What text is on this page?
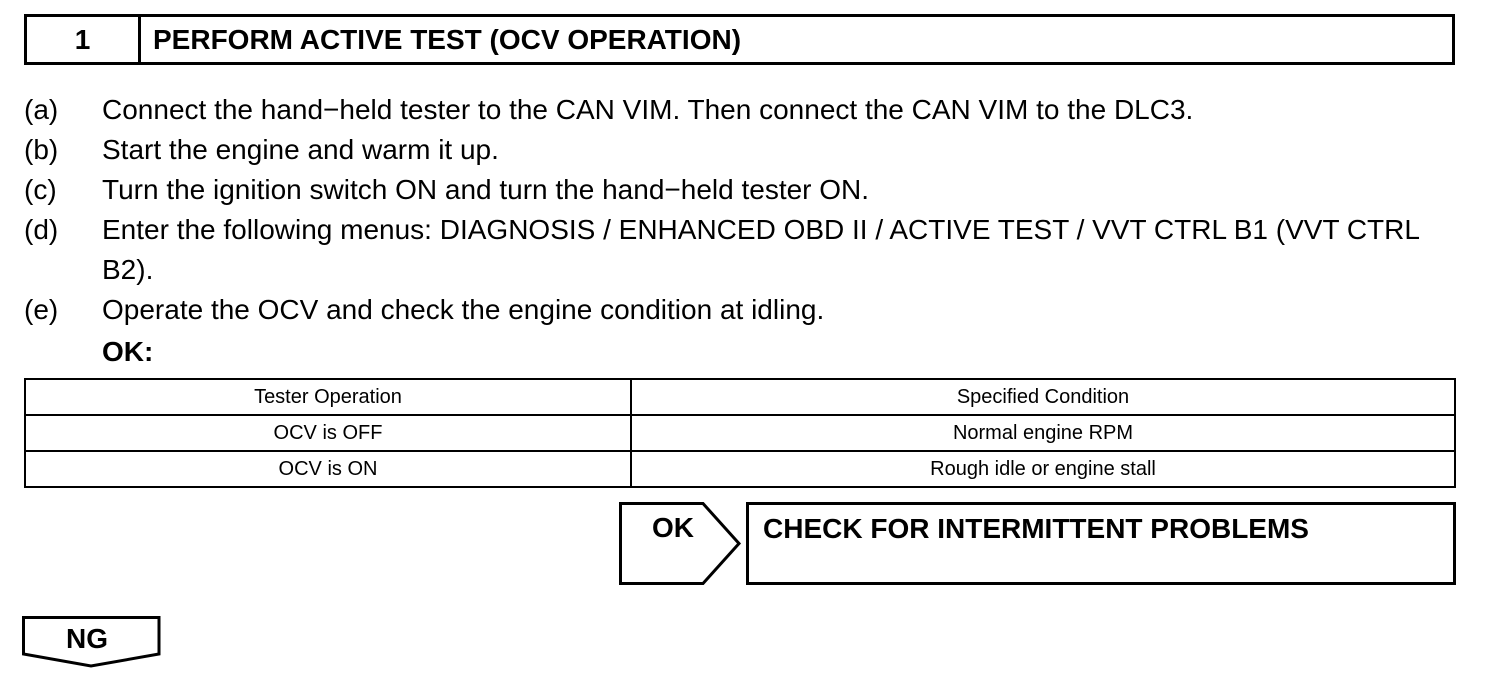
1	PERFORM ACTIVE TEST (OCV OPERATION)
(a)	Connect the hand−held tester to the CAN VIM. Then connect the CAN VIM to the DLC3.
(b)	Start the engine and warm it up.
(c)	Turn the ignition switch ON and turn the hand−held tester ON.
(d)	Enter the following menus: DIAGNOSIS / ENHANCED OBD II / ACTIVE TEST / VVT CTRL B1 (VVT CTRL B2).
(e)	Operate the OCV and check the engine condition at idling.
OK:
Tester Operation	Specified Condition
OCV is OFF	Normal engine RPM
OCV is ON	Rough idle or engine stall
OK	CHECK FOR INTERMITTENT PROBLEMS
NG
